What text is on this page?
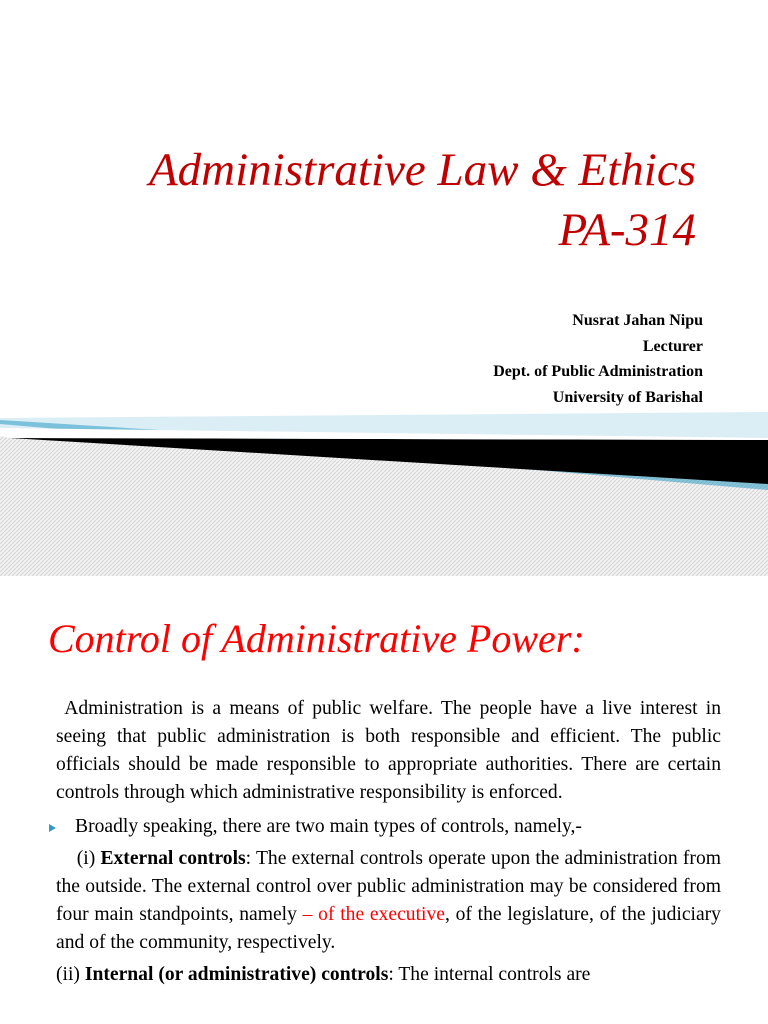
Administrative Law & Ethics
PA-314
Nusrat Jahan Nipu
Lecturer
Dept. of Public Administration
University of Barishal
Control of Administrative Power:

Administration is a means of public welfare. The people have a live interest in seeing that public administration is both responsible and efficient. The public officials should be made responsible to appropriate authorities. There are certain controls through which administrative responsibility is enforced.

Broadly speaking, there are two main types of controls, namely,-

(i) External controls: The external controls operate upon the administration from the outside. The external control over public administration may be considered from four main standpoints, namely – of the executive, of the legislature, of the judiciary and of the community, respectively.

(ii) Internal (or administrative) controls: The internal controls are
